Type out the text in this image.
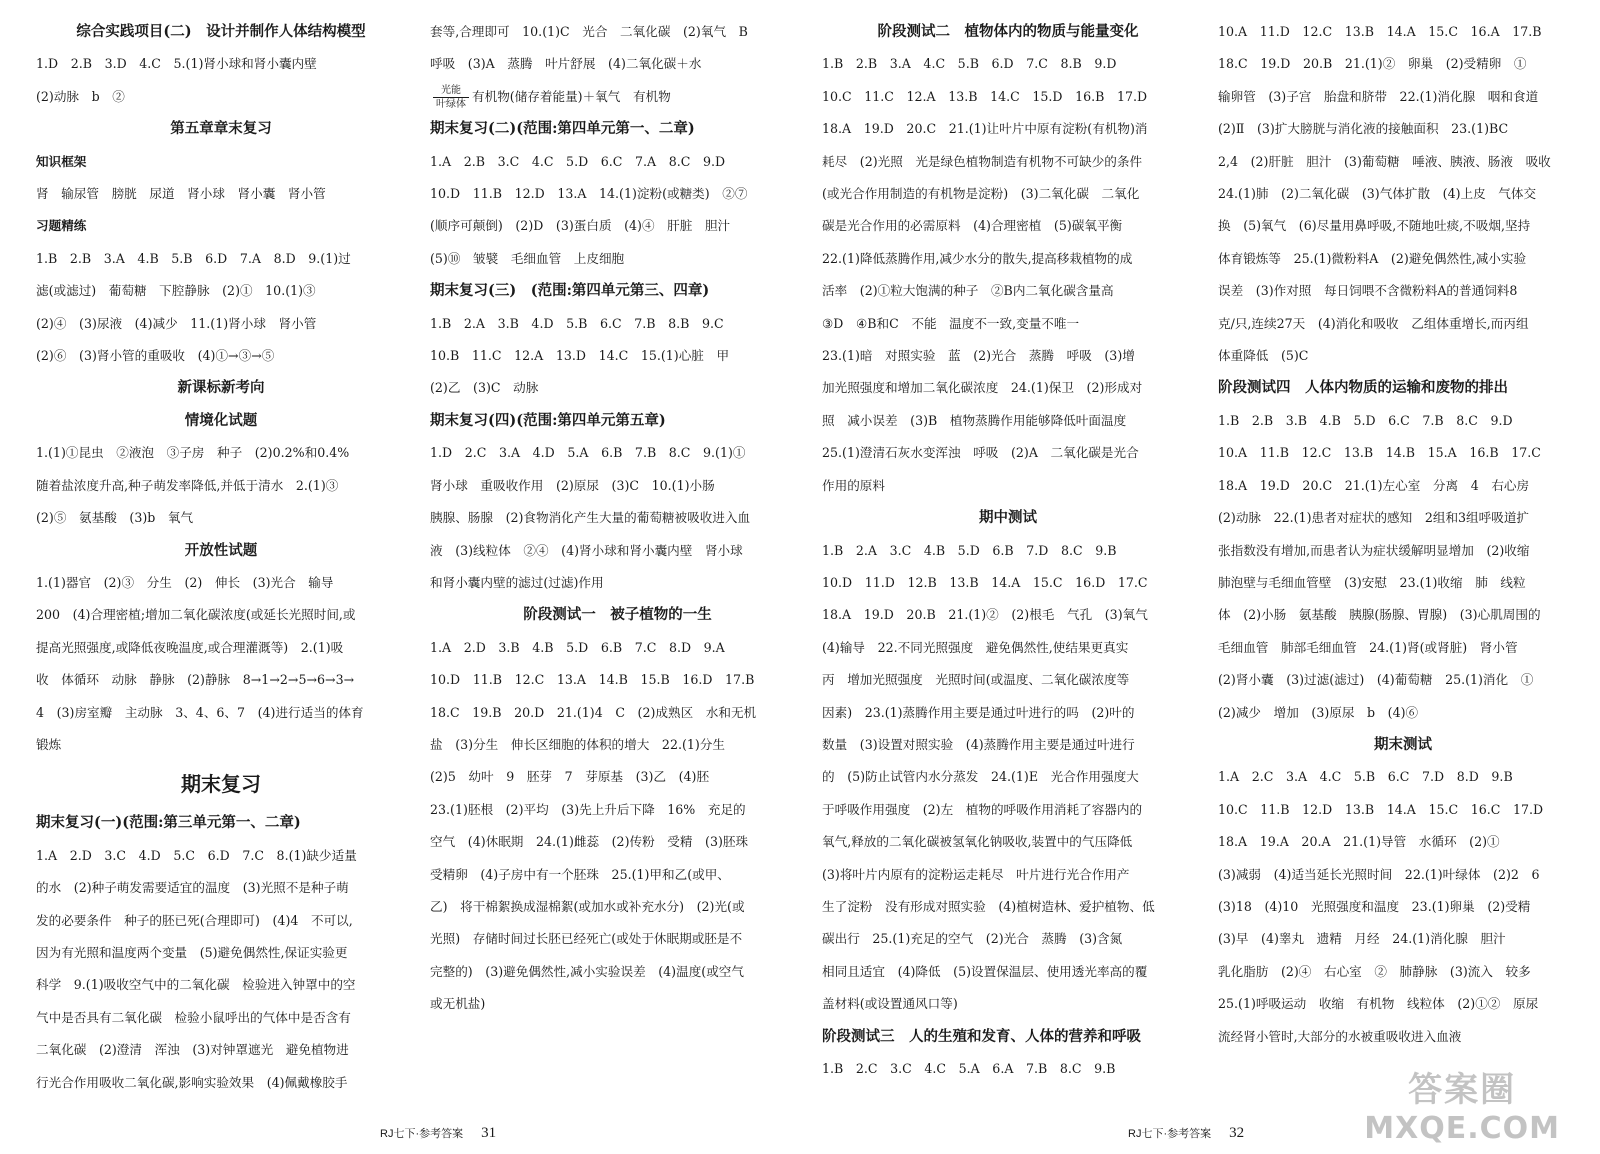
综合实践项目(二)　设计并制作人体结构模型
1.D　2.B　3.D　4.C　5.(1)肾小球和肾小囊内壁
(2)动脉　b　②
第五章章末复习
知识框架
肾　输尿管　膀胱　尿道　肾小球　肾小囊　肾小管
习题精练
1.B　2.B　3.A　4.B　5.B　6.D　7.A　8.D　9.(1)过
滤(或滤过)　葡萄糖　下腔静脉　(2)①　10.(1)③
(2)④　(3)尿液　(4)减少　11.(1)肾小球　肾小管
(2)⑥　(3)肾小管的重吸收　(4)①→③→⑤
新课标新考向
情境化试题
1.(1)①昆虫　②液泡　③子房　种子　(2)0.2%和0.4%
随着盐浓度升高,种子萌发率降低,并低于清水　2.(1)③
(2)⑤　氨基酸　(3)b　氧气
开放性试题
1.(1)器官　(2)③　分生　(2)　伸长　(3)光合　输导
200　(4)合理密植;增加二氧化碳浓度(或延长光照时间,或
提高光照强度,或降低夜晚温度,或合理灌溉等)　2.(1)吸
收　体循环　动脉　静脉　(2)静脉　8→1→2→5→6→3→
4　(3)房室瓣　主动脉　3、4、6、7　(4)进行适当的体育
锻炼
期末复习
期末复习(一)(范围:第三单元第一、二章)
1.A　2.D　3.C　4.D　5.C　6.D　7.C　8.(1)缺少适量
的水　(2)种子萌发需要适宜的温度　(3)光照不是种子萌
发的必要条件　种子的胚已死(合理即可)　(4)4　不可以,
因为有光照和温度两个变量　(5)避免偶然性,保证实验更
科学　9.(1)吸收空气中的二氧化碳　检验进入钟罩中的空
气中是否具有二氧化碳　检验小鼠呼出的气体中是否含有
二氧化碳　(2)澄清　浑浊　(3)对钟罩遮光　避免植物进
行光合作用吸收二氧化碳,影响实验效果　(4)佩戴橡胶手
套等,合理即可　10.(1)C　光合　二氧化碳　(2)氧气　B
呼吸　(3)A　蒸腾　叶片舒展　(4)二氧化碳＋水
$\frac{\text{光能}}{\text{叶绿体}}$ 有机物(储存着能量)＋氧气　有机物
期末复习(二)(范围:第四单元第一、二章)
1.A　2.B　3.C　4.C　5.D　6.C　7.A　8.C　9.D
10.D　11.B　12.D　13.A　14.(1)淀粉(或糖类)　②⑦
(顺序可颠倒)　(2)D　(3)蛋白质　(4)④　肝脏　胆汁
(5)⑩　皱襞　毛细血管　上皮细胞
期末复习(三)　(范围:第四单元第三、四章)
1.B　2.A　3.B　4.D　5.B　6.C　7.B　8.B　9.C
10.B　11.C　12.A　13.D　14.C　15.(1)心脏　甲
(2)乙　(3)C　动脉
期末复习(四)(范围:第四单元第五章)
1.D　2.C　3.A　4.D　5.A　6.B　7.B　8.C　9.(1)①
肾小球　重吸收作用　(2)原尿　(3)C　10.(1)小肠
胰腺、肠腺　(2)食物消化产生大量的葡萄糖被吸收进入血
液　(3)线粒体　②④　(4)肾小球和肾小囊内壁　肾小球
和肾小囊内壁的滤过(过滤)作用
阶段测试一　被子植物的一生
1.A　2.D　3.B　4.B　5.D　6.B　7.C　8.D　9.A
10.D　11.B　12.C　13.A　14.B　15.B　16.D　17.B
18.C　19.B　20.D　21.(1)4　C　(2)成熟区　水和无机
盐　(3)分生　伸长区细胞的体积的增大　22.(1)分生
(2)5　幼叶　9　胚芽　7　芽原基　(3)乙　(4)胚
23.(1)胚根　(2)平均　(3)先上升后下降　16%　充足的
空气　(4)休眠期　24.(1)雌蕊　(2)传粉　受精　(3)胚珠
受精卵　(4)子房中有一个胚珠　25.(1)甲和乙(或甲、
乙)　将干棉絮换成湿棉絮(或加水或补充水分)　(2)光(或
光照)　存储时间过长胚已经死亡(或处于休眠期或胚是不
完整的)　(3)避免偶然性,减小实验误差　(4)温度(或空气
或无机盐)
阶段测试二　植物体内的物质与能量变化
1.B　2.B　3.A　4.C　5.B　6.D　7.C　8.B　9.D
10.C　11.C　12.A　13.B　14.C　15.D　16.B　17.D
18.A　19.D　20.C　21.(1)让叶片中原有淀粉(有机物)消
耗尽　(2)光照　光是绿色植物制造有机物不可缺少的条件
(或光合作用制造的有机物是淀粉)　(3)二氧化碳　二氧化
碳是光合作用的必需原料　(4)合理密植　(5)碳氧平衡
22.(1)降低蒸腾作用,减少水分的散失,提高移栽植物的成
活率　(2)①粒大饱满的种子　②B内二氧化碳含量高
③D　④B和C　不能　温度不一致,变量不唯一
23.(1)暗　对照实验　蓝　(2)光合　蒸腾　呼吸　(3)增
加光照强度和增加二氧化碳浓度　24.(1)保卫　(2)形成对
照　减小误差　(3)B　植物蒸腾作用能够降低叶面温度
25.(1)澄清石灰水变浑浊　呼吸　(2)A　二氧化碳是光合
作用的原料
期中测试
1.B　2.A　3.C　4.B　5.D　6.B　7.D　8.C　9.B
10.D　11.D　12.B　13.B　14.A　15.C　16.D　17.C
18.A　19.D　20.B　21.(1)②　(2)根毛　气孔　(3)氧气
(4)输导　22.不同光照强度　避免偶然性,使结果更真实
丙　增加光照强度　光照时间(或温度、二氧化碳浓度等
因素)　23.(1)蒸腾作用主要是通过叶进行的吗　(2)叶的
数量　(3)设置对照实验　(4)蒸腾作用主要是通过叶进行
的　(5)防止试管内水分蒸发　24.(1)E　光合作用强度大
于呼吸作用强度　(2)左　植物的呼吸作用消耗了容器内的
氧气,释放的二氧化碳被氢氧化钠吸收,装置中的气压降低
(3)将叶片内原有的淀粉运走耗尽　叶片进行光合作用产
生了淀粉　没有形成对照实验　(4)植树造林、爱护植物、低
碳出行　25.(1)充足的空气　(2)光合　蒸腾　(3)含氮
相同且适宜　(4)降低　(5)设置保温层、使用透光率高的覆
盖材料(或设置通风口等)
阶段测试三　人的生殖和发育、人体的营养和呼吸
1.B　2.C　3.C　4.C　5.A　6.A　7.B　8.C　9.B
10.A　11.D　12.C　13.B　14.A　15.C　16.A　17.B
18.C　19.D　20.B　21.(1)②　卵巢　(2)受精卵　①
输卵管　(3)子宫　胎盘和脐带　22.(1)消化腺　咽和食道
(2)Ⅱ　(3)扩大膀胱与消化液的接触面积　23.(1)BC
2,4　(2)肝脏　胆汁　(3)葡萄糖　唾液、胰液、肠液　吸收
24.(1)肺　(2)二氧化碳　(3)气体扩散　(4)上皮　气体交
换　(5)氧气　(6)尽量用鼻呼吸,不随地吐痰,不吸烟,坚持
体育锻炼等　25.(1)微粉料A　(2)避免偶然性,减小实验
误差　(3)作对照　每日饲喂不含微粉料A的普通饲料8
克/只,连续27天　(4)消化和吸收　乙组体重增长,而丙组
体重降低　(5)C
阶段测试四　人体内物质的运输和废物的排出
1.B　2.B　3.B　4.B　5.D　6.C　7.B　8.C　9.D
10.A　11.B　12.C　13.B　14.B　15.A　16.B　17.C
18.A　19.D　20.C　21.(1)左心室　分离　4　右心房
(2)动脉　22.(1)患者对症状的感知　2组和3组呼吸道扩
张指数没有增加,而患者认为症状缓解明显增加　(2)收缩
肺泡壁与毛细血管壁　(3)安慰　23.(1)收缩　肺　线粒
体　(2)小肠　氨基酸　胰腺(肠腺、胃腺)　(3)心肌周围的
毛细血管　肺部毛细血管　24.(1)肾(或肾脏)　肾小管
(2)肾小囊　(3)过滤(滤过)　(4)葡萄糖　25.(1)消化　①
(2)减少　增加　(3)原尿　b　(4)⑥
期末测试
1.A　2.C　3.A　4.C　5.B　6.C　7.D　8.D　9.B
10.C　11.B　12.D　13.B　14.A　15.C　16.C　17.D
18.A　19.A　20.A　21.(1)导管　水循环　(2)①
(3)减弱　(4)适当延长光照时间　22.(1)叶绿体　(2)2　6
(3)18　(4)10　光照强度和温度　23.(1)卵巢　(2)受精
(3)早　(4)睾丸　遗精　月经　24.(1)消化腺　胆汁
乳化脂肪　(2)④　右心室　②　肺静脉　(3)流入　较多
25.(1)呼吸运动　收缩　有机物　线粒体　(2)①②　原尿
流经肾小管时,大部分的水被重吸收进入血液
RJ七下·参考答案 31	RJ七下·参考答案 32
答案圈
MXQE.COM
